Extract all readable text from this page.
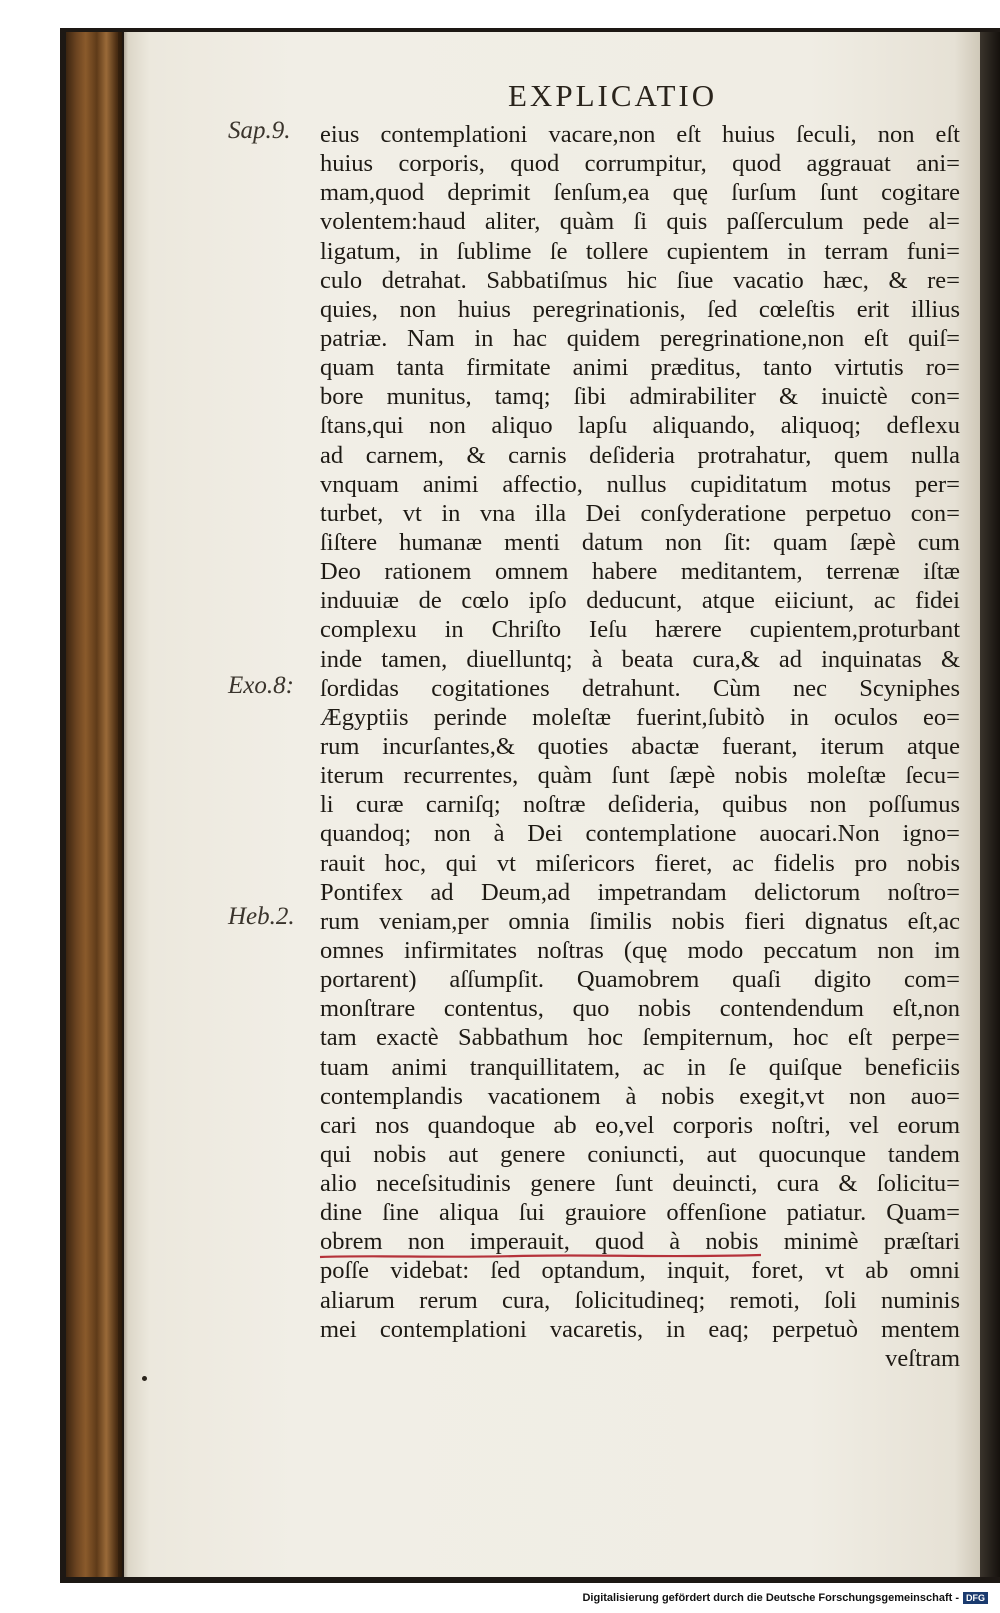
EXPLICATIO
Sap.9.
Exo.8:
Heb.2.
eius contemplationi vacare,non eſt huius ſeculi, non eſt
huius corporis, quod corrumpitur, quod aggrauat ani=
mam,quod deprimit ſenſum,ea quę ſurſum ſunt cogitare
volentem:haud aliter, quàm ſi quis paſſerculum pede al=
ligatum, in ſublime ſe tollere cupientem in terram funi=
culo detrahat. Sabbatiſmus hic ſiue vacatio hæc, & re=
quies, non huius peregrinationis, ſed cœleſtis erit illius
patriæ. Nam in hac quidem peregrinatione,non eſt quiſ=
quam tanta firmitate animi præditus, tanto virtutis ro=
bore munitus, tamq; ſibi admirabiliter & inuictè con=
ſtans,qui non aliquo lapſu aliquando, aliquoq; deflexu
ad carnem, & carnis deſideria protrahatur, quem nulla
vnquam animi affectio, nullus cupiditatum motus per=
turbet, vt in vna illa Dei conſyderatione perpetuo con=
ſiſtere humanæ menti datum non ſit: quam ſæpè cum
Deo rationem omnem habere meditantem, terrenæ iſtæ
induuiæ de cœlo ipſo deducunt, atque eiiciunt, ac fidei
complexu in Chriſto Ieſu hærere cupientem,proturbant
inde tamen, diuelluntq; à beata cura,& ad inquinatas &
ſordidas cogitationes detrahunt. Cùm nec Scyniphes
Ægyptiis perinde moleſtæ fuerint,ſubitò in oculos eo=
rum incurſantes,& quoties abactæ fuerant, iterum atque
iterum recurrentes, quàm ſunt ſæpè nobis moleſtæ ſecu=
li curæ carniſq; noſtræ deſideria, quibus non poſſumus
quandoq; non à Dei contemplatione auocari.Non igno=
rauit hoc, qui vt miſericors fieret, ac fidelis pro nobis
Pontifex ad Deum,ad impetrandam delictorum noſtro=
rum veniam,per omnia ſimilis nobis fieri dignatus eſt,ac
omnes infirmitates noſtras (quę modo peccatum non im
portarent) aſſumpſit. Quamobrem quaſi digito com=
monſtrare contentus, quo nobis contendendum eſt,non
tam exactè Sabbathum hoc ſempiternum, hoc eſt perpe=
tuam animi tranquillitatem, ac in ſe quiſque beneficiis
contemplandis vacationem à nobis exegit,vt non auo=
cari nos quandoque ab eo,vel corporis noſtri, vel eorum
qui nobis aut genere coniuncti, aut quocunque tandem
alio neceſsitudinis genere ſunt deuincti, cura & ſolicitu=
dine ſine aliqua ſui grauiore offenſione patiatur. Quam=
obrem non imperauit, quod à nobis minimè præſtari
poſſe videbat: ſed optandum, inquit, foret, vt ab omni
aliarum rerum cura, ſolicitudineq; remoti, ſoli numinis
mei contemplationi vacaretis, in eaq; perpetuò mentem
veſtram
Digitalisierung gefördert durch die Deutsche Forschungsgemeinschaft - DFG
